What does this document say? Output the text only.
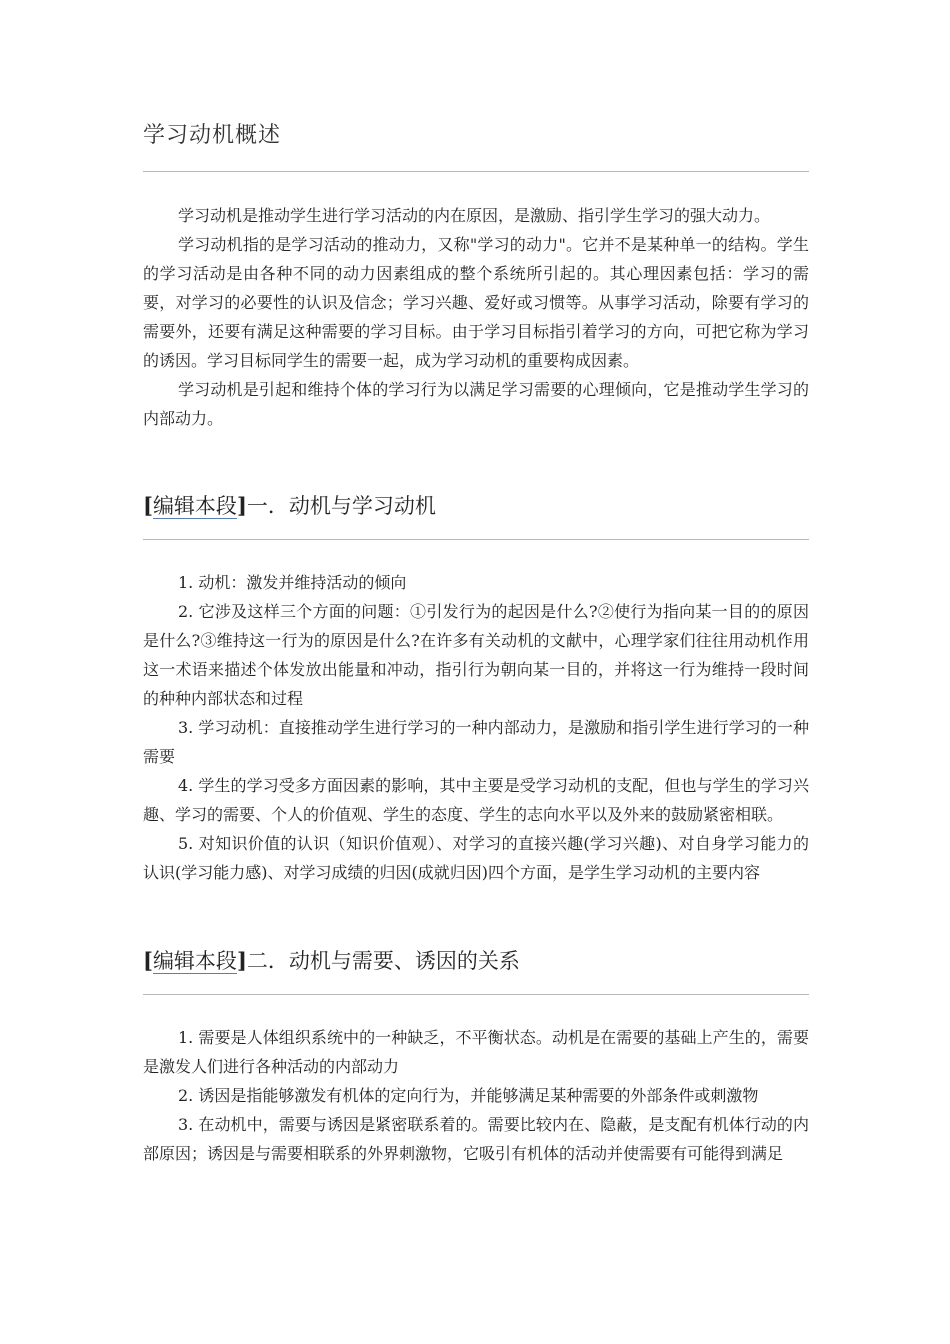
学习动机概述

学习动机是推动学生进行学习活动的内在原因，是激励、指引学生学习的强大动力。

学习动机指的是学习活动的推动力，又称"学习的动力"。它并不是某种单一的结构。学生的学习活动是由各种不同的动力因素组成的整个系统所引起的。其心理因素包括：学习的需要，对学习的必要性的认识及信念；学习兴趣、爱好或习惯等。从事学习活动，除要有学习的需要外，还要有满足这种需要的学习目标。由于学习目标指引着学习的方向，可把它称为学习的诱因。学习目标同学生的需要一起，成为学习动机的重要构成因素。

学习动机是引起和维持个体的学习行为以满足学习需要的心理倾向，它是推动学生学习的内部动力。

[编辑本段]一．动机与学习动机

1. 动机：激发并维持活动的倾向

2. 它涉及这样三个方面的问题：①引发行为的起因是什么?②使行为指向某一目的的原因是什么?③维持这一行为的原因是什么?在许多有关动机的文献中，心理学家们往往用动机作用这一术语来描述个体发放出能量和冲动，指引行为朝向某一目的，并将这一行为维持一段时间的种种内部状态和过程

3. 学习动机：直接推动学生进行学习的一种内部动力，是激励和指引学生进行学习的一种需要

4. 学生的学习受多方面因素的影响，其中主要是受学习动机的支配，但也与学生的学习兴趣、学习的需要、个人的价值观、学生的态度、学生的志向水平以及外来的鼓励紧密相联。

5. 对知识价值的认识（知识价值观）、对学习的直接兴趣(学习兴趣)、对自身学习能力的认识(学习能力感)、对学习成绩的归因(成就归因)四个方面，是学生学习动机的主要内容

[编辑本段]二．动机与需要、诱因的关系

1. 需要是人体组织系统中的一种缺乏，不平衡状态。动机是在需要的基础上产生的，需要是激发人们进行各种活动的内部动力

2. 诱因是指能够激发有机体的定向行为，并能够满足某种需要的外部条件或刺激物

3. 在动机中，需要与诱因是紧密联系着的。需要比较内在、隐蔽，是支配有机体行动的内部原因；诱因是与需要相联系的外界刺激物，它吸引有机体的活动并使需要有可能得到满足
